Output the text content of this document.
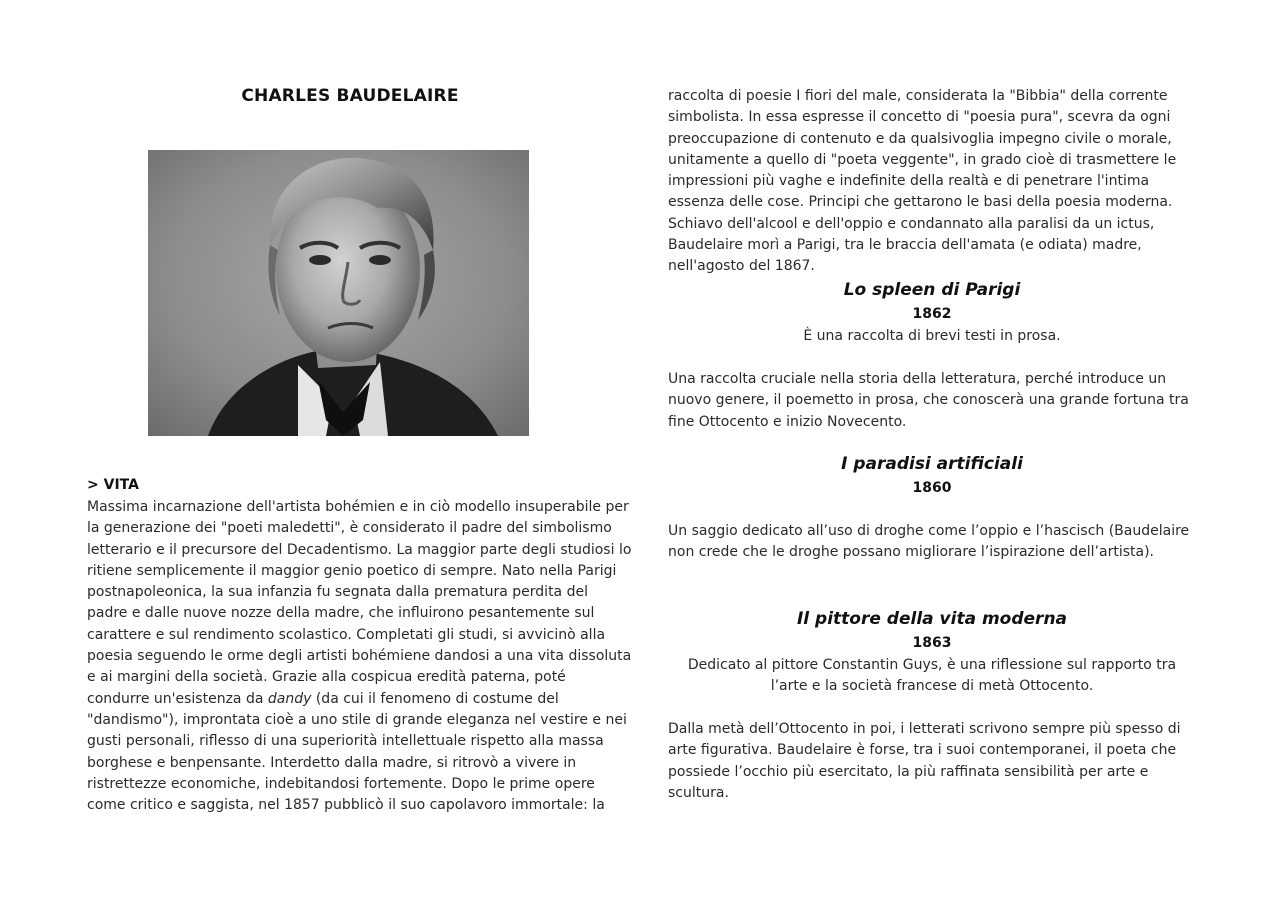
CHARLES BAUDELAIRE
> VITA

Massima incarnazione dell'artista bohémien e in ciò modello insuperabile per la generazione dei "poeti maledetti", è considerato il padre del simbolismo letterario e il precursore del Decadentismo. La maggior parte degli studiosi lo ritiene semplicemente il maggior genio poetico di sempre. Nato nella Parigi postnapoleonica, la sua infanzia fu segnata dalla prematura perdita del padre e dalle nuove nozze della madre, che influirono pesantemente sul carattere e sul rendimento scolastico. Completati gli studi, si avvicinò alla poesia seguendo le orme degli artisti bohémiene dandosi a una vita dissoluta e ai margini della società. Grazie alla cospicua eredità paterna, poté condurre un'esistenza da dandy (da cui il fenomeno di costume del "dandismo"), improntata cioè a uno stile di grande eleganza nel vestire e nei gusti personali, riflesso di una superiorità intellettuale rispetto alla massa borghese e benpensante. Interdetto dalla madre, si ritrovò a vivere in ristrettezze economiche, indebitandosi fortemente. Dopo le prime opere come critico e saggista, nel 1857 pubblicò il suo capolavoro immortale: la

raccolta di poesie I fiori del male, considerata la "Bibbia" della corrente simbolista. In essa espresse il concetto di "poesia pura", scevra da ogni preoccupazione di contenuto e da qualsivoglia impegno civile o morale, unitamente a quello di "poeta veggente", in grado cioè di trasmettere le impressioni più vaghe e indefinite della realtà e di penetrare l'intima essenza delle cose. Principi che gettarono le basi della poesia moderna. Schiavo dell'alcool e dell'oppio e condannato alla paralisi da un ictus, Baudelaire morì a Parigi, tra le braccia dell'amata (e odiata) madre, nell'agosto del 1867.

Lo spleen di Parigi
1862

È una raccolta di brevi testi in prosa.

Una raccolta cruciale nella storia della letteratura, perché introduce un nuovo genere, il poemetto in prosa, che conoscerà una grande fortuna tra fine Ottocento e inizio Novecento.

I paradisi artificiali
1860

Un saggio dedicato all’uso di droghe come l’oppio e l’hascisch (Baudelaire non crede che le droghe possano migliorare l’ispirazione dell’artista).

Il pittore della vita moderna
1863

Dedicato al pittore Constantin Guys, è una riflessione sul rapporto tra l’arte e la società francese di metà Ottocento.

Dalla metà dell’Ottocento in poi, i letterati scrivono sempre più spesso di arte figurativa. Baudelaire è forse, tra i suoi contemporanei, il poeta che possiede l’occhio più esercitato, la più raffinata sensibilità per arte e scultura.
